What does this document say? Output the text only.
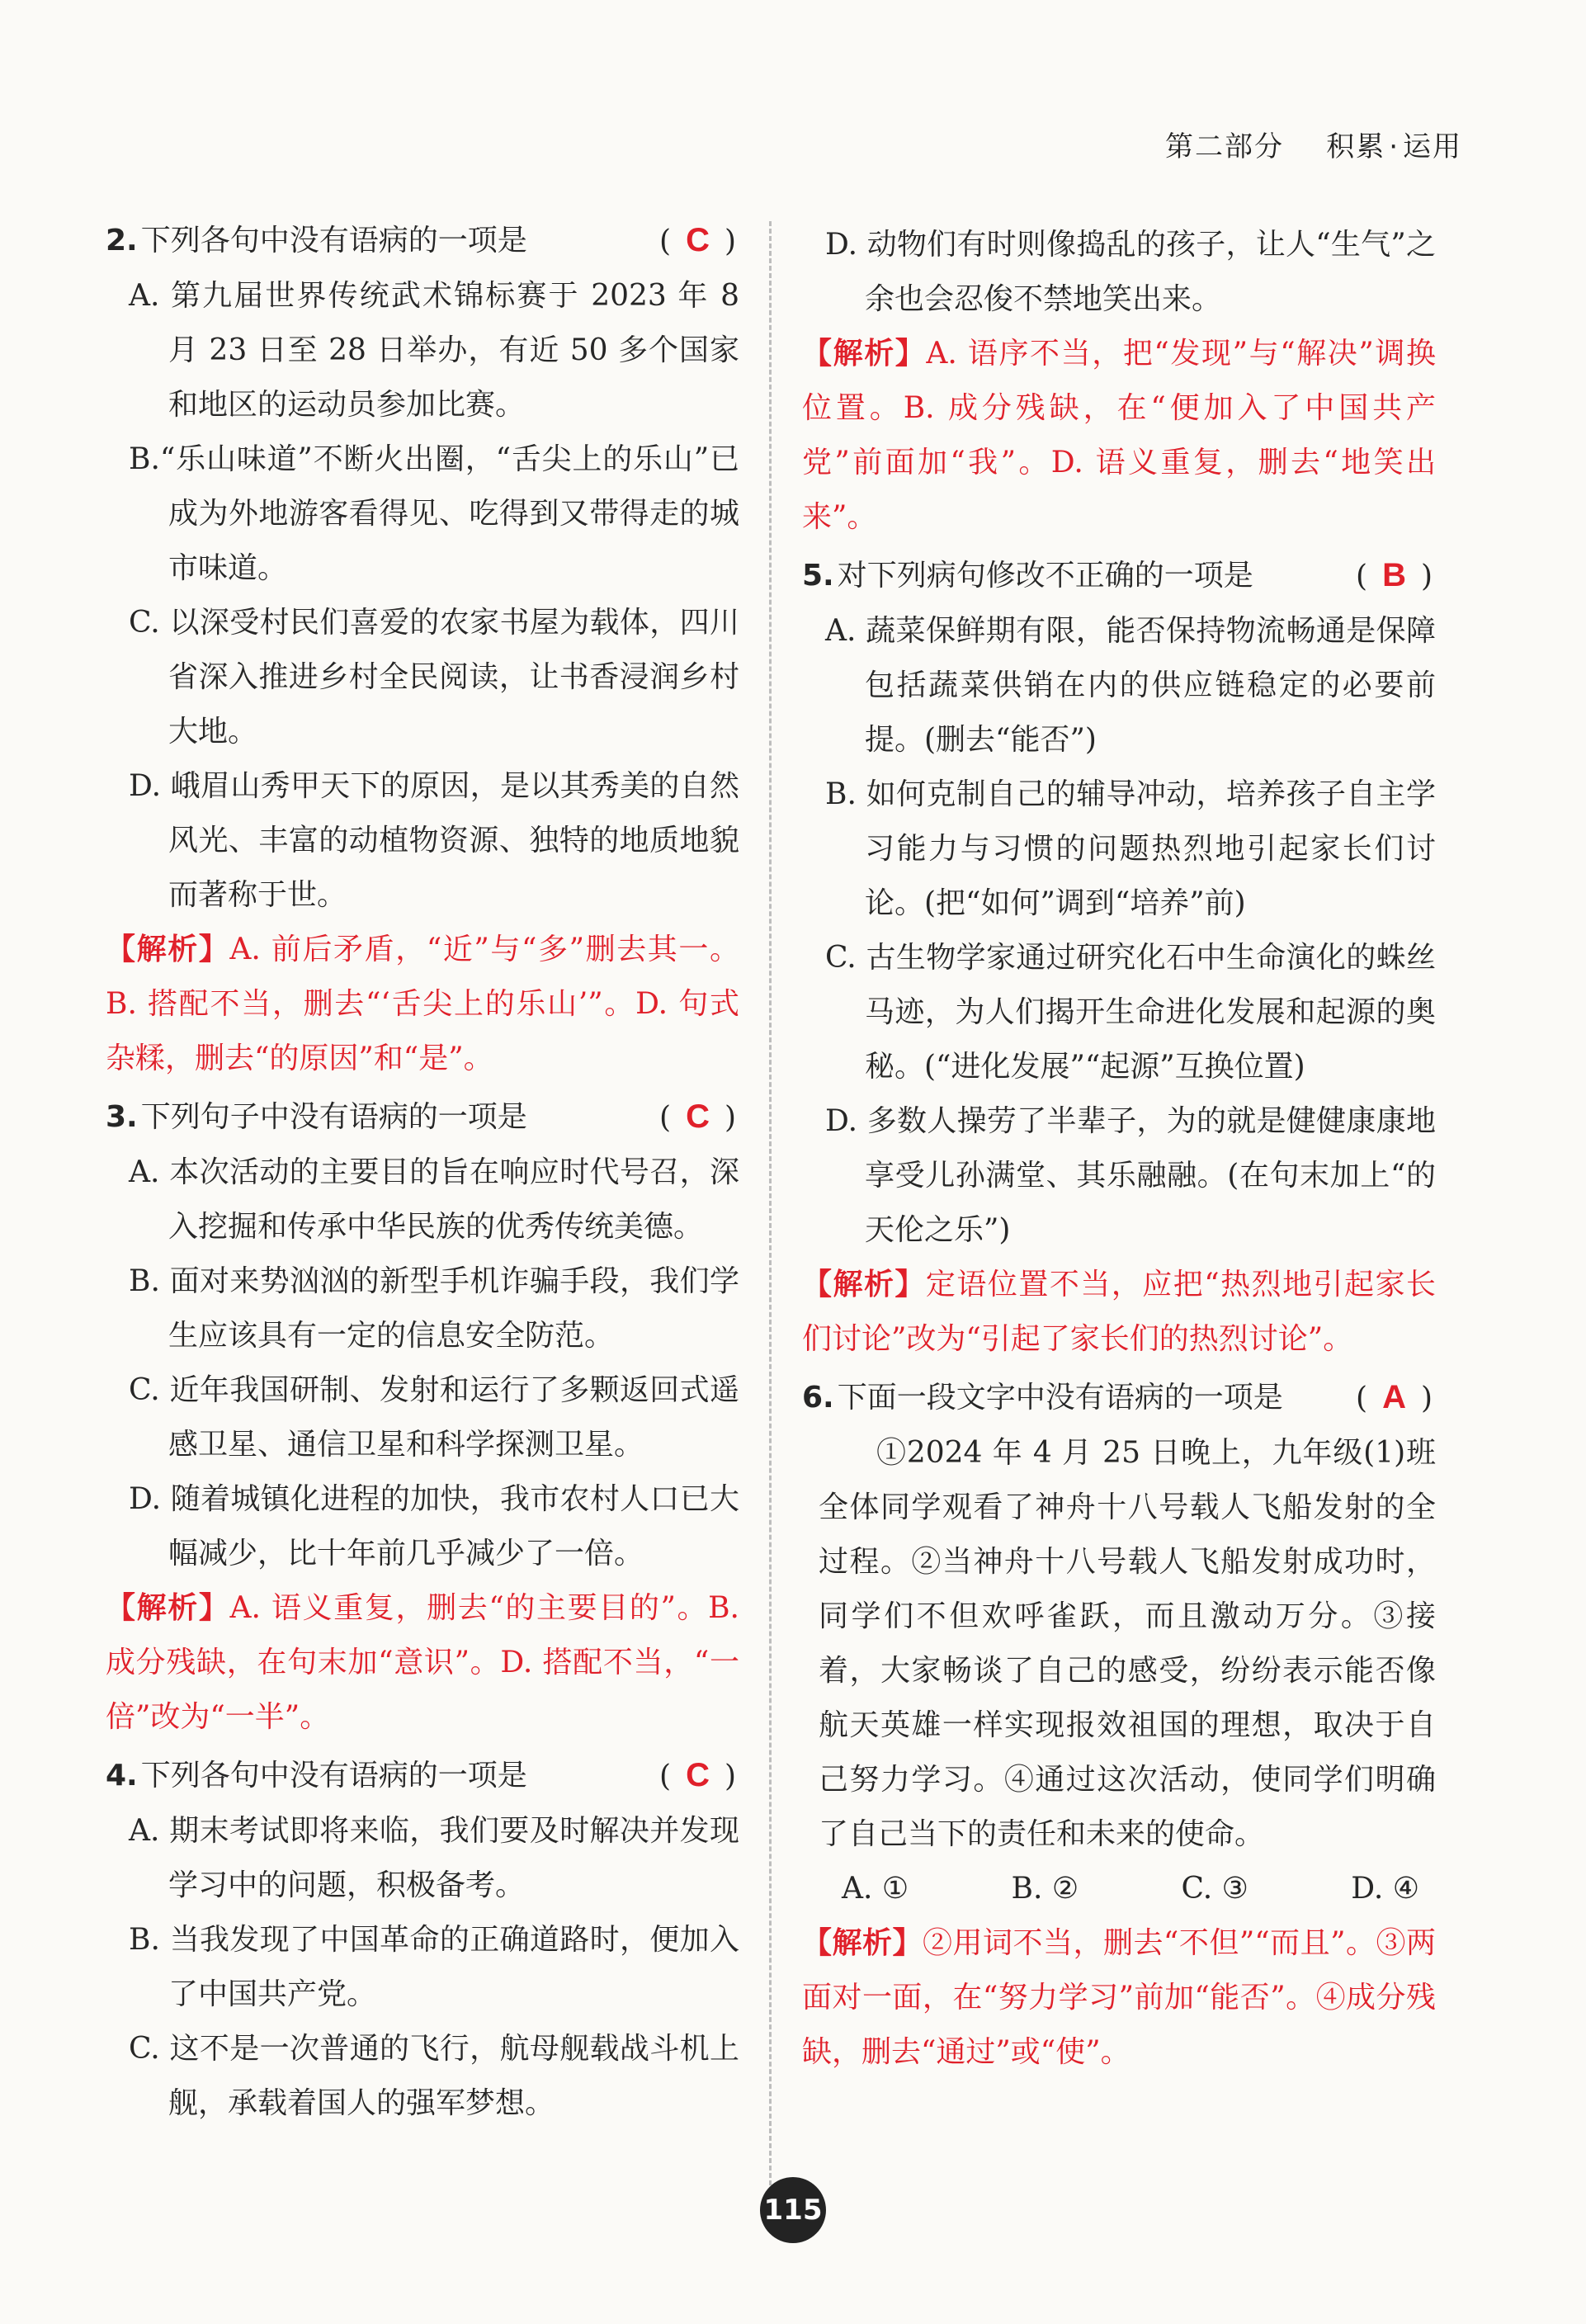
第二部分 积累 · 运用
2. 下列各句中没有语病的一项是	( C )
A. 第九届世界传统武术锦标赛于 2023 年 8 月 23 日至 28 日举办，有近 50 多个国家和地区的运动员参加比赛。
B.“乐山味道”不断火出圈，“舌尖上的乐山”已成为外地游客看得见、吃得到又带得走的城市味道。
C. 以深受村民们喜爱的农家书屋为载体，四川省深入推进乡村全民阅读，让书香浸润乡村大地。
D. 峨眉山秀甲天下的原因，是以其秀美的自然风光、丰富的动植物资源、独特的地质地貌而著称于世。
【解析】A. 前后矛盾，“近”与“多”删去其一。B. 搭配不当，删去“‘舌尖上的乐山’”。D. 句式杂糅，删去“的原因”和“是”。
3. 下列句子中没有语病的一项是	( C )
A. 本次活动的主要目的旨在响应时代号召，深入挖掘和传承中华民族的优秀传统美德。
B. 面对来势汹汹的新型手机诈骗手段，我们学生应该具有一定的信息安全防范。
C. 近年我国研制、发射和运行了多颗返回式遥感卫星、通信卫星和科学探测卫星。
D. 随着城镇化进程的加快，我市农村人口已大幅减少，比十年前几乎减少了一倍。
【解析】A. 语义重复，删去“的主要目的”。B. 成分残缺，在句末加“意识”。D. 搭配不当，“一倍”改为“一半”。
4. 下列各句中没有语病的一项是	( C )
A. 期末考试即将来临，我们要及时解决并发现学习中的问题，积极备考。
B. 当我发现了中国革命的正确道路时，便加入了中国共产党。
C. 这不是一次普通的飞行，航母舰载战斗机上舰，承载着国人的强军梦想。
D. 动物们有时则像捣乱的孩子，让人“生气”之余也会忍俊不禁地笑出来。
【解析】A. 语序不当，把“发现”与“解决”调换位置。B. 成分残缺，在“便加入了中国共产党”前面加“我”。D. 语义重复，删去“地笑出来”。
5. 对下列病句修改不正确的一项是	( B )
A. 蔬菜保鲜期有限，能否保持物流畅通是保障包括蔬菜供销在内的供应链稳定的必要前提。(删去“能否”)
B. 如何克制自己的辅导冲动，培养孩子自主学习能力与习惯的问题热烈地引起家长们讨论。(把“如何”调到“培养”前)
C. 古生物学家通过研究化石中生命演化的蛛丝马迹，为人们揭开生命进化发展和起源的奥秘。(“进化发展”“起源”互换位置)
D. 多数人操劳了半辈子，为的就是健健康康地享受儿孙满堂、其乐融融。(在句末加上“的天伦之乐”)
【解析】定语位置不当，应把“热烈地引起家长们讨论”改为“引起了家长们的热烈讨论”。
6. 下面一段文字中没有语病的一项是 ( A )
①2024 年 4 月 25 日晚上，九年级(1)班全体同学观看了神舟十八号载人飞船发射的全过程。②当神舟十八号载人飞船发射成功时，同学们不但欢呼雀跃，而且激动万分。③接着，大家畅谈了自己的感受，纷纷表示能否像航天英雄一样实现报效祖国的理想，取决于自己努力学习。④通过这次活动，使同学们明确了自己当下的责任和未来的使命。
A. ①	B. ②	C. ③	D. ④
【解析】②用词不当，删去“不但”“而且”。③两面对一面，在“努力学习”前加“能否”。④成分残缺，删去“通过”或“使”。
115
